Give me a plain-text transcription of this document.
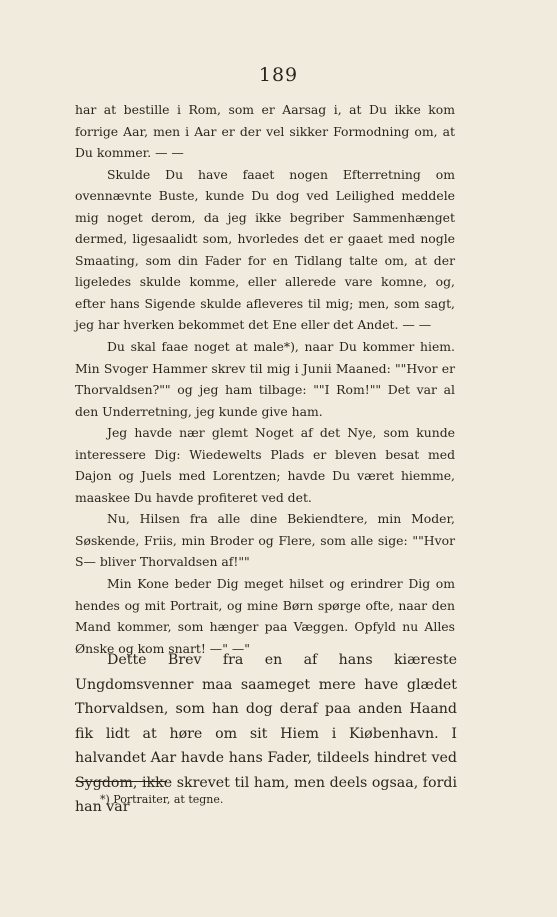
189

har at bestille i Rom, som er Aarsag i, at Du ikke kom forrige Aar, men i Aar er der vel sikker Formodning om, at Du kommer. — —

Skulde Du have faaet nogen Efterretning om ovennævnte Buste, kunde Du dog ved Leilighed meddele mig noget derom, da jeg ikke begriber Sammenhænget dermed, ligesaalidt som, hvorledes det er gaaet med nogle Smaating, som din Fader for en Tidlang talte om, at der ligeledes skulde komme, eller allerede vare komne, og, efter hans Sigende skulde afleveres til mig; men, som sagt, jeg har hverken bekommet det Ene eller det Andet. — —

Du skal faae noget at male*), naar Du kommer hiem. Min Svoger Hammer skrev til mig i Junii Maaned: ""Hvor er Thorvaldsen?"" og jeg ham tilbage: ""I Rom!"" Det var al den Underretning, jeg kunde give ham.

Jeg havde nær glemt Noget af det Nye, som kunde interessere Dig: Wiedewelts Plads er bleven besat med Dajon og Juels med Lorentzen; havde Du været hiemme, maaskee Du havde profiteret ved det.

Nu, Hilsen fra alle dine Bekiendtere, min Moder, Søskende, Friis, min Broder og Flere, som alle sige: ""Hvor S— bliver Thorvaldsen af!""

Min Kone beder Dig meget hilset og erindrer Dig om hendes og mit Portrait, og mine Børn spørge ofte, naar den Mand kommer, som hænger paa Væggen. Opfyld nu Alles Ønske og kom snart! —" —"

Dette Brev fra en af hans kiæreste Ungdomsvenner maa saameget mere have glædet Thorvaldsen, som han dog deraf paa anden Haand fik lidt at høre om sit Hiem i Kiøbenhavn. I halvandet Aar havde hans Fader, tildeels hindret ved Sygdom, ikke skrevet til ham, men deels ogsaa, fordi han var

*) Portraiter, at tegne.
